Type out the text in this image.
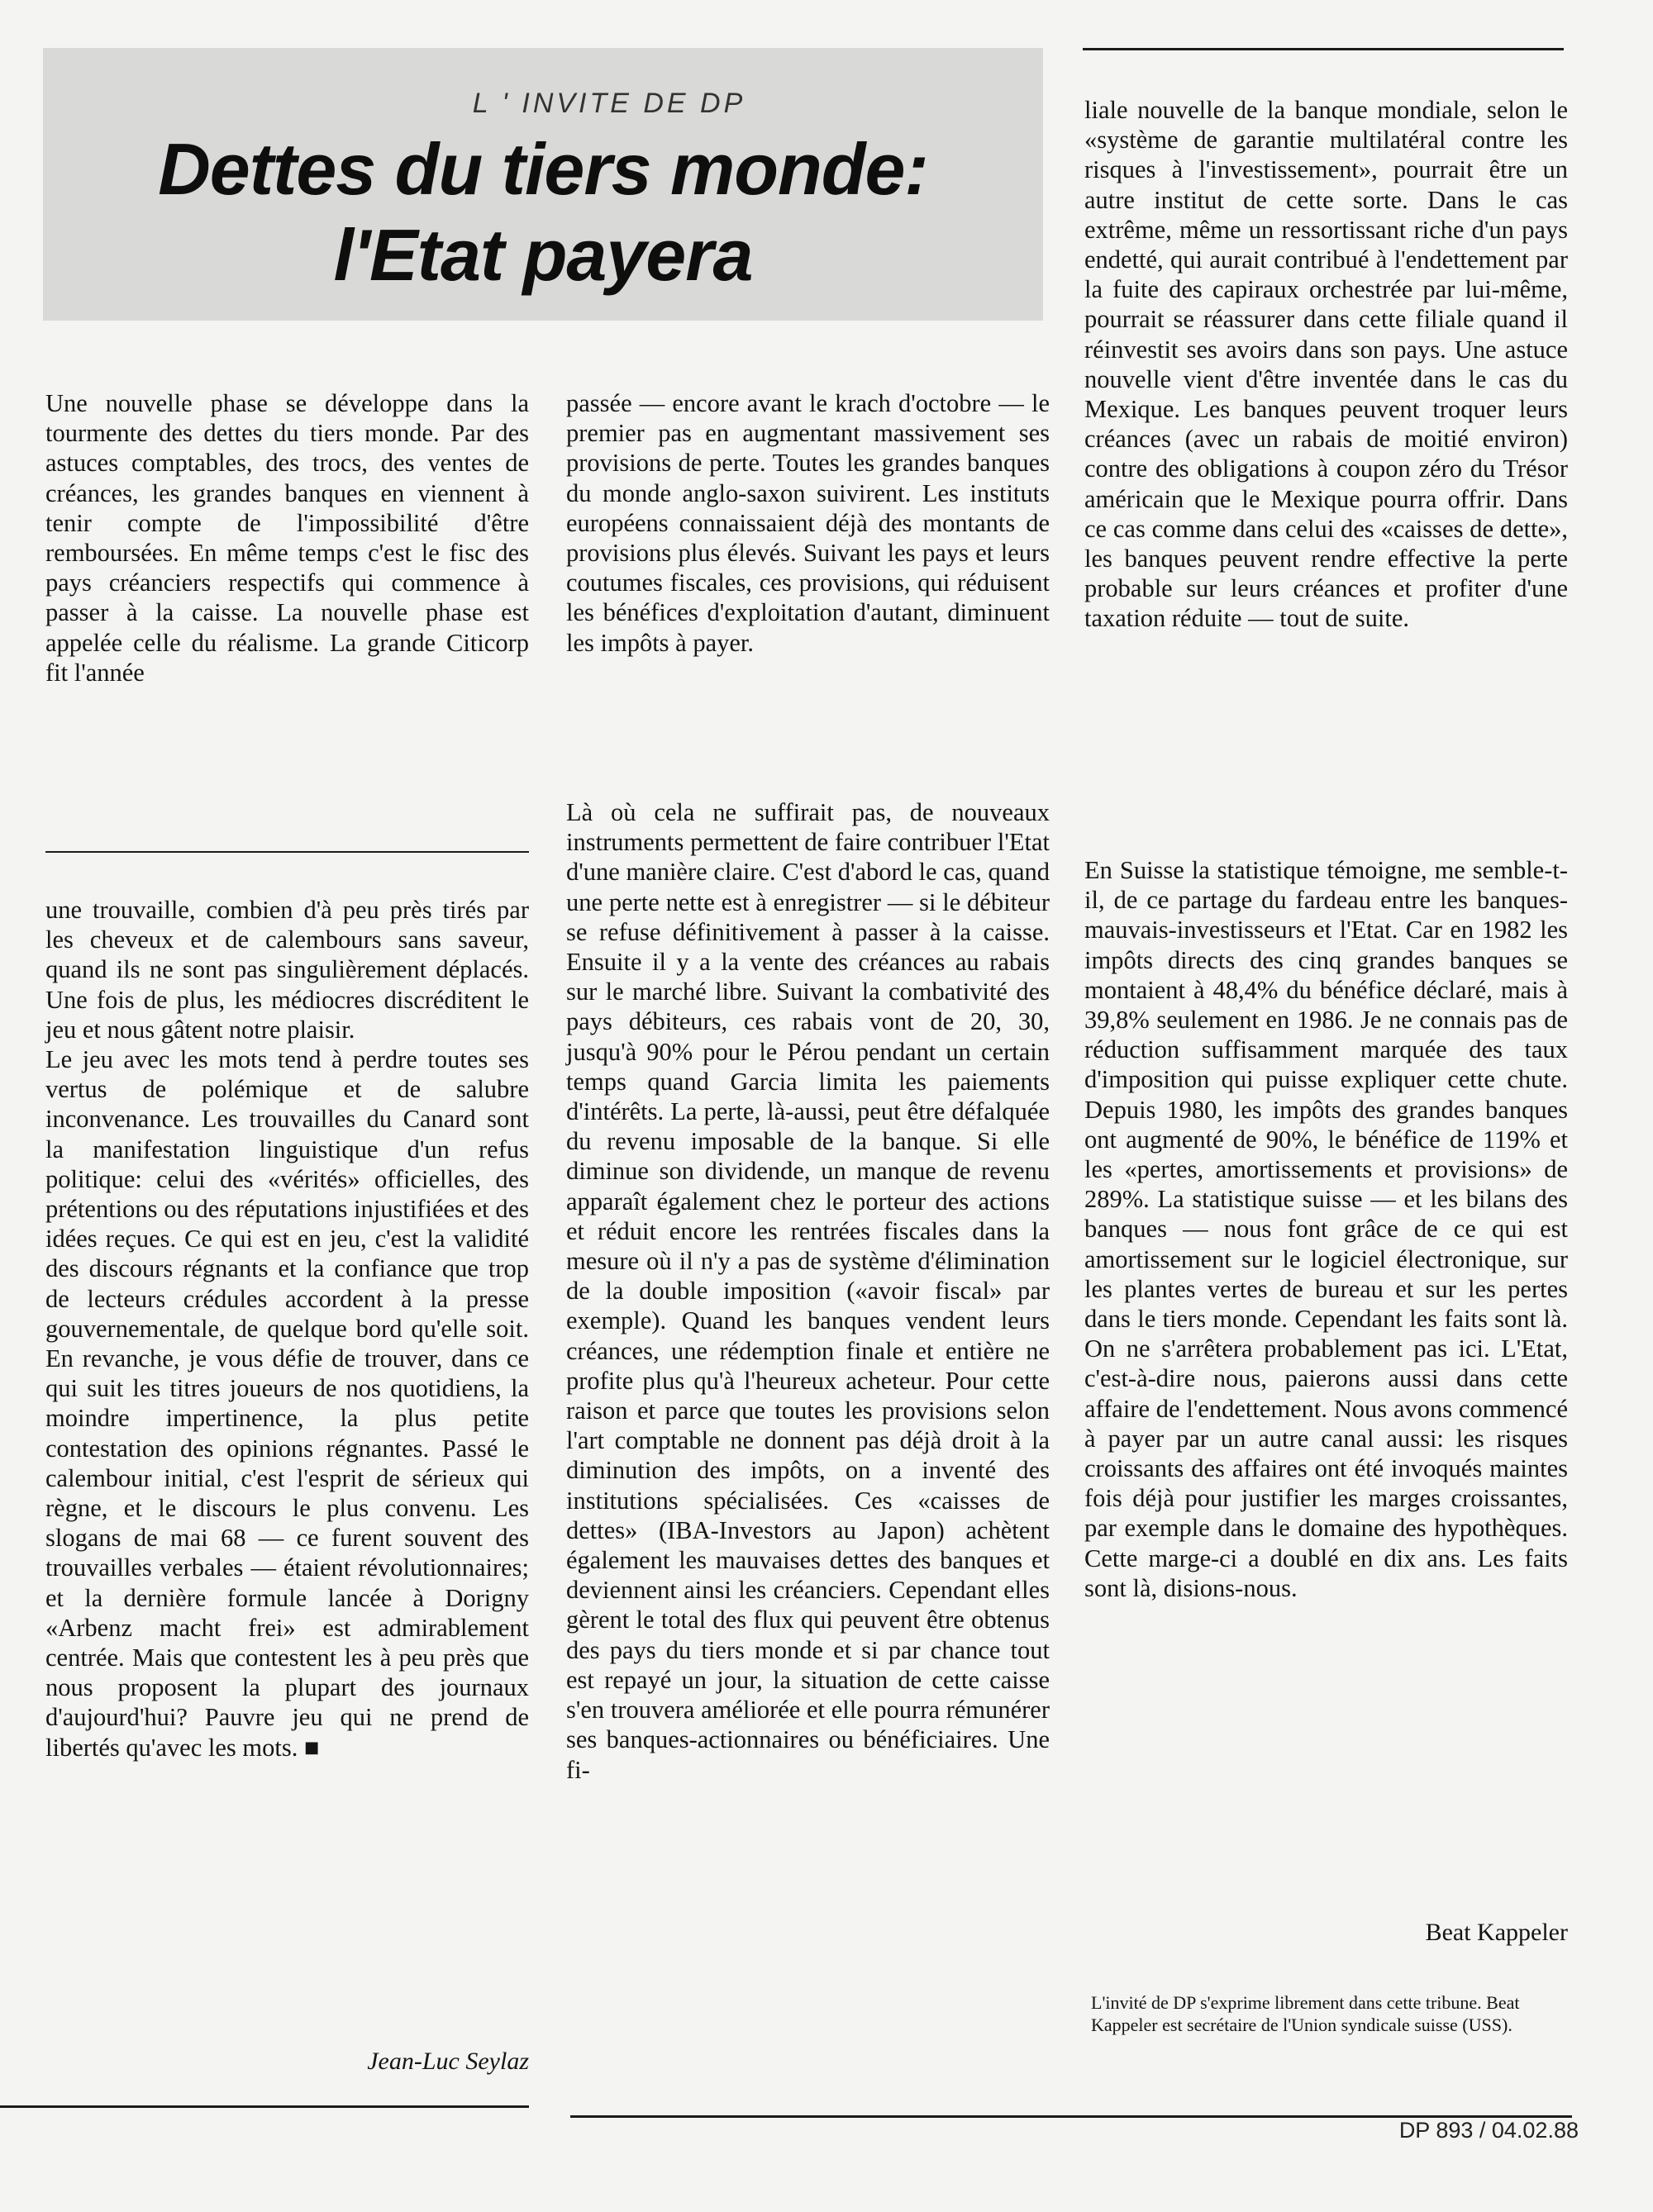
L ' INVITE DE DP
Dettes du tiers monde:
l'Etat payera

Une nouvelle phase se développe dans la tourmente des dettes du tiers monde. Par des astuces comptables, des trocs, des ventes de créances, les grandes banques en viennent à tenir compte de l'impossibilité d'être remboursées. En même temps c'est le fisc des pays créanciers respectifs qui commence à passer à la caisse. La nouvelle phase est appelée celle du réalisme. La grande Citicorp fit l'année

une trouvaille, combien d'à peu près tirés par les cheveux et de calembours sans saveur, quand ils ne sont pas singulièrement déplacés. Une fois de plus, les médiocres discréditent le jeu et nous gâtent notre plaisir.

Le jeu avec les mots tend à perdre toutes ses vertus de polémique et de salubre inconvenance. Les trouvailles du Canard sont la manifestation linguistique d'un refus politique: celui des «vérités» officielles, des prétentions ou des réputations injustifiées et des idées reçues. Ce qui est en jeu, c'est la validité des discours régnants et la confiance que trop de lecteurs crédules accordent à la presse gouvernementale, de quelque bord qu'elle soit. En revanche, je vous défie de trouver, dans ce qui suit les titres joueurs de nos quotidiens, la moindre impertinence, la plus petite contestation des opinions régnantes. Passé le calembour initial, c'est l'esprit de sérieux qui règne, et le discours le plus convenu. Les slogans de mai 68 — ce furent souvent des trouvailles verbales — étaient révolutionnaires; et la dernière formule lancée à Dorigny «Arbenz macht frei» est admirablement centrée. Mais que contestent les à peu près que nous proposent la plupart des journaux d'aujourd'hui? Pauvre jeu qui ne prend de libertés qu'avec les mots. ■

Jean-Luc Seylaz

passée — encore avant le krach d'octobre — le premier pas en augmentant massivement ses provisions de perte. Toutes les grandes banques du monde anglo-saxon suivirent. Les instituts européens connaissaient déjà des montants de provisions plus élevés. Suivant les pays et leurs coutumes fiscales, ces provisions, qui réduisent les bénéfices d'exploitation d'autant, diminuent les impôts à payer.

Là où cela ne suffirait pas, de nouveaux instruments permettent de faire contribuer l'Etat d'une manière claire. C'est d'abord le cas, quand une perte nette est à enregistrer — si le débiteur se refuse définitivement à passer à la caisse. Ensuite il y a la vente des créances au rabais sur le marché libre. Suivant la combativité des pays débiteurs, ces rabais vont de 20, 30, jusqu'à 90% pour le Pérou pendant un certain temps quand Garcia limita les paiements d'intérêts. La perte, là-aussi, peut être défalquée du revenu imposable de la banque. Si elle diminue son dividende, un manque de revenu apparaît également chez le porteur des actions et réduit encore les rentrées fiscales dans la mesure où il n'y a pas de système d'élimination de la double imposition («avoir fiscal» par exemple). Quand les banques vendent leurs créances, une rédemption finale et entière ne profite plus qu'à l'heureux acheteur. Pour cette raison et parce que toutes les provisions selon l'art comptable ne donnent pas déjà droit à la diminution des impôts, on a inventé des institutions spécialisées. Ces «caisses de dettes» (IBA-Investors au Japon) achètent également les mauvaises dettes des banques et deviennent ainsi les créanciers. Cependant elles gèrent le total des flux qui peuvent être obtenus des pays du tiers monde et si par chance tout est repayé un jour, la situation de cette caisse s'en trouvera améliorée et elle pourra rémunérer ses banques-actionnaires ou bénéficiaires. Une fi-

liale nouvelle de la banque mondiale, selon le «système de garantie multilatéral contre les risques à l'investissement», pourrait être un autre institut de cette sorte. Dans le cas extrême, même un ressortissant riche d'un pays endetté, qui aurait contribué à l'endettement par la fuite des capiraux orchestrée par lui-même, pourrait se réassurer dans cette filiale quand il réinvestit ses avoirs dans son pays. Une astuce nouvelle vient d'être inventée dans le cas du Mexique. Les banques peuvent troquer leurs créances (avec un rabais de moitié environ) contre des obligations à coupon zéro du Trésor américain que le Mexique pourra offrir. Dans ce cas comme dans celui des «caisses de dette», les banques peuvent rendre effective la perte probable sur leurs créances et profiter d'une taxation réduite — tout de suite.

En Suisse la statistique témoigne, me semble-t-il, de ce partage du fardeau entre les banques-mauvais-investisseurs et l'Etat. Car en 1982 les impôts directs des cinq grandes banques se montaient à 48,4% du bénéfice déclaré, mais à 39,8% seulement en 1986. Je ne connais pas de réduction suffisamment marquée des taux d'imposition qui puisse expliquer cette chute. Depuis 1980, les impôts des grandes banques ont augmenté de 90%, le bénéfice de 119% et les «pertes, amortissements et provisions» de 289%. La statistique suisse — et les bilans des banques — nous font grâce de ce qui est amortissement sur le logiciel électronique, sur les plantes vertes de bureau et sur les pertes dans le tiers monde. Cependant les faits sont là. On ne s'arrêtera probablement pas ici. L'Etat, c'est-à-dire nous, paierons aussi dans cette affaire de l'endettement. Nous avons commencé à payer par un autre canal aussi: les risques croissants des affaires ont été invoqués maintes fois déjà pour justifier les marges croissantes, par exemple dans le domaine des hypothèques. Cette marge-ci a doublé en dix ans. Les faits sont là, disions-nous.

Beat Kappeler
L'invité de DP s'exprime librement dans cette tribune. Beat Kappeler est secrétaire de l'Union syndicale suisse (USS).
DP 893 / 04.02.88
